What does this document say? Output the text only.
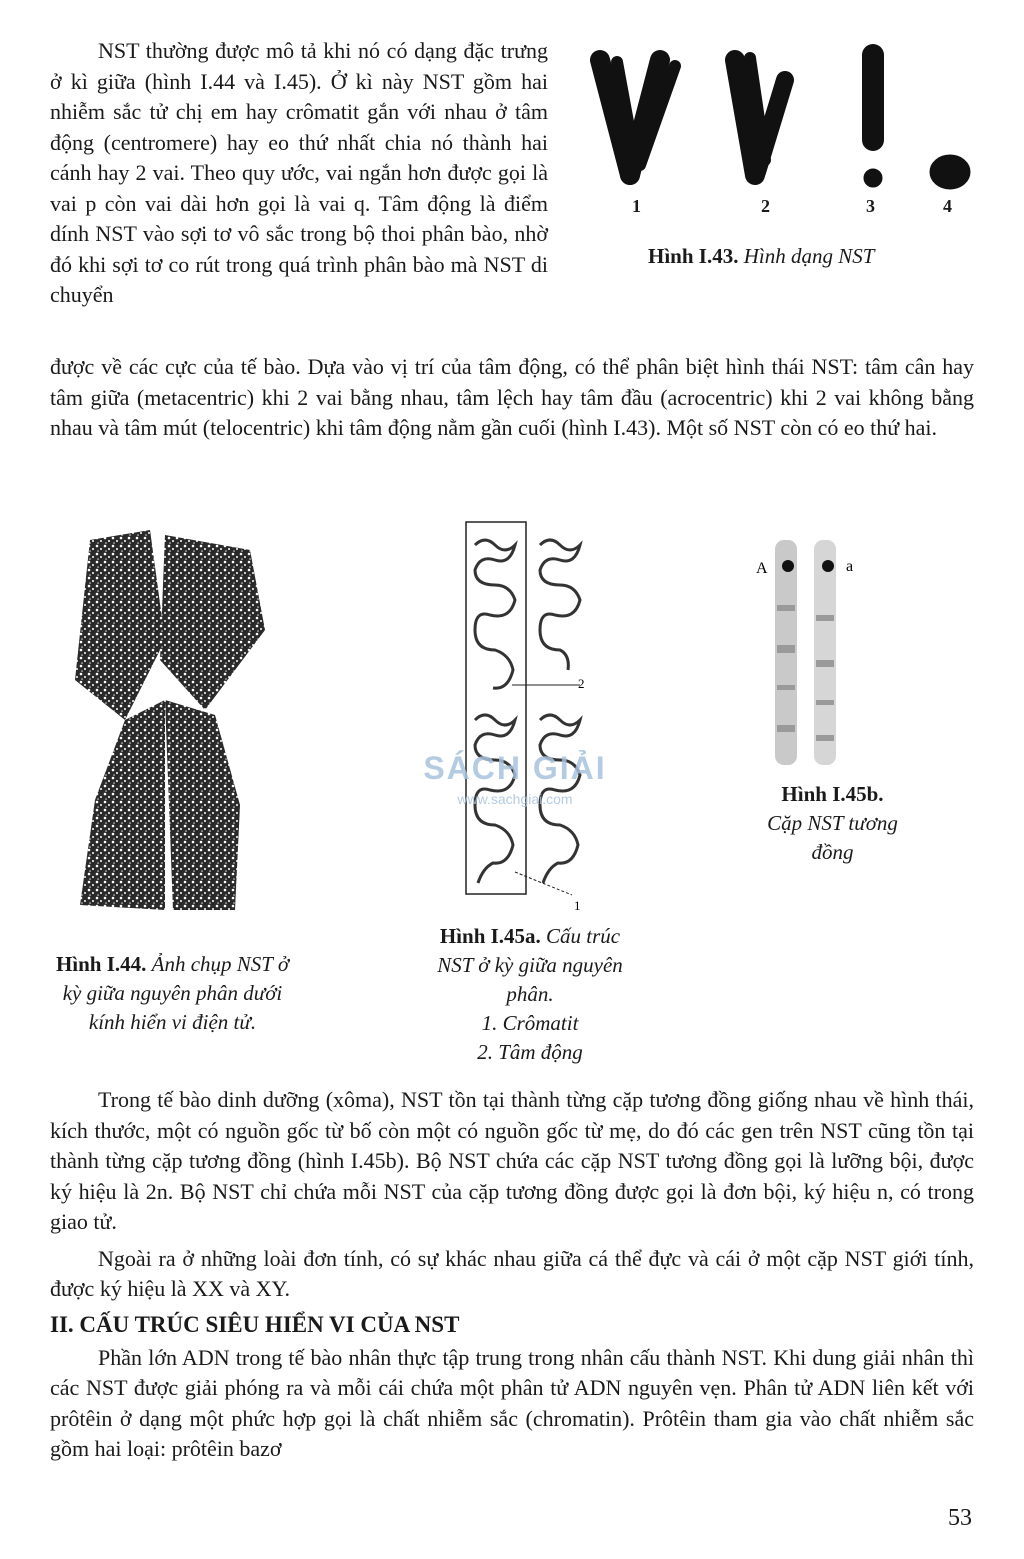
NST thường được mô tả khi nó có dạng đặc trưng ở kì giữa (hình I.44 và I.45). Ở kì này NST gồm hai nhiễm sắc tử chị em hay crômatit gắn với nhau ở tâm động (centromere) hay eo thứ nhất chia nó thành hai cánh hay 2 vai. Theo quy ước, vai ngắn hơn được gọi là vai p còn vai dài hơn gọi là vai q. Tâm động là điểm dính NST vào sợi tơ vô sắc trong bộ thoi phân bào, nhờ đó khi sợi tơ co rút trong quá trình phân bào mà NST di chuyển

1	2	3	4

Hình I.43. Hình dạng NST

được về các cực của tế bào. Dựa vào vị trí của tâm động, có thể phân biệt hình thái NST: tâm cân hay tâm giữa (metacentric) khi 2 vai bằng nhau, tâm lệch hay tâm đầu (acrocentric) khi 2 vai không bằng nhau và tâm mút (telocentric) khi tâm động nằm gần cuối (hình I.43). Một số NST còn có eo thứ hai.

Hình I.44. Ảnh chụp NST ở kỳ giữa nguyên phân dưới kính hiển vi điện tử.

2
1

Hình I.45a. Cấu trúc NST ở kỳ giữa nguyên phân.

1. Crômatit

2. Tâm động

A	a

Hình I.45b.

Cặp NST tương đồng

SÁCH GIẢI
www.sachgiai.com

Trong tế bào dinh dưỡng (xôma), NST tồn tại thành từng cặp tương đồng giống nhau về hình thái, kích thước, một có nguồn gốc từ bố còn một có nguồn gốc từ mẹ, do đó các gen trên NST cũng tồn tại thành từng cặp tương đồng (hình I.45b). Bộ NST chứa các cặp NST tương đồng gọi là lưỡng bội, được ký hiệu là 2n. Bộ NST chỉ chứa mỗi NST của cặp tương đồng được gọi là đơn bội, ký hiệu n, có trong giao tử.

Ngoài ra ở những loài đơn tính, có sự khác nhau giữa cá thể đực và cái ở một cặp NST giới tính, được ký hiệu là XX và XY.

II. CẤU TRÚC SIÊU HIỂN VI CỦA NST

Phần lớn ADN trong tế bào nhân thực tập trung trong nhân cấu thành NST. Khi dung giải nhân thì các NST được giải phóng ra và mỗi cái chứa một phân tử ADN nguyên vẹn. Phân tử ADN liên kết với prôtêin ở dạng một phức hợp gọi là chất nhiễm sắc (chromatin). Prôtêin tham gia vào chất nhiễm sắc gồm hai loại: prôtêin bazơ

53
